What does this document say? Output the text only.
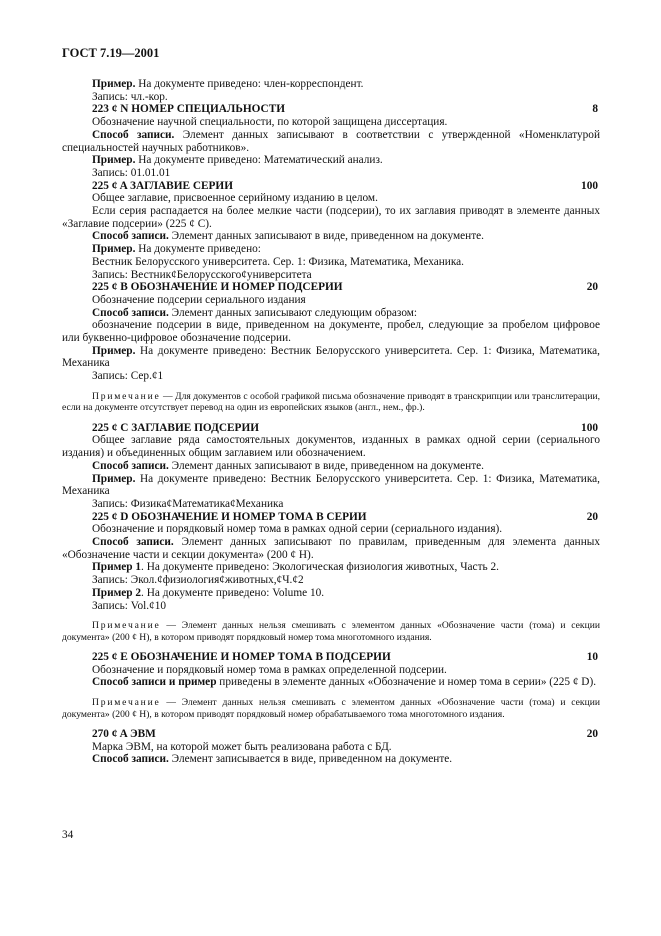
ГОСТ 7.19—2001

Пример. На документе приведено: член-корреспондент.

Запись: чл.-кор.

223 ¢ N НОМЕР СПЕЦИАЛЬНОСТИ	8

Обозначение научной специальности, по которой защищена диссертация.

Способ записи. Элемент данных записывают в соответствии с утвержденной «Номенклатурой специальностей научных работников».

Пример. На документе приведено: Математический анализ.

Запись: 01.01.01

225 ¢ A ЗАГЛАВИЕ СЕРИИ	100

Общее заглавие, присвоенное серийному изданию в целом.

Если серия распадается на более мелкие части (подсерии), то их заглавия приводят в элементе данных «Заглавие подсерии» (225 ¢ C).

Способ записи. Элемент данных записывают в виде, приведенном на документе.

Пример. На документе приведено:

Вестник Белорусского университета. Сер. 1: Физика, Математика, Механика.

Запись: Вестник¢Белорусского¢университета

225 ¢ B ОБОЗНАЧЕНИЕ И НОМЕР ПОДСЕРИИ	20

Обозначение подсерии сериального издания

Способ записи. Элемент данных записывают следующим образом:

обозначение подсерии в виде, приведенном на документе, пробел, следующие за пробелом цифровое или буквенно-цифровое обозначение подсерии.

Пример. На документе приведено: Вестник Белорусского университета. Сер. 1: Физика, Математика, Механика

Запись: Сер.¢1

Примечание — Для документов с особой графикой письма обозначение приводят в транскрипции или транслитерации, если на документе отсутствует перевод на один из европейских языков (англ., нем., фр.).

225 ¢ C ЗАГЛАВИЕ ПОДСЕРИИ	100

Общее заглавие ряда самостоятельных документов, изданных в рамках одной серии (сериального издания) и объединенных общим заглавием или обозначением.

Способ записи. Элемент данных записывают в виде, приведенном на документе.

Пример. На документе приведено: Вестник Белорусского университета. Сер. 1: Физика, Математика, Механика

Запись: Физика¢Математика¢Механика

225 ¢ D ОБОЗНАЧЕНИЕ И НОМЕР ТОМА В СЕРИИ	20

Обозначение и порядковый номер тома в рамках одной серии (сериального издания).

Способ записи. Элемент данных записывают по правилам, приведенным для элемента данных «Обозначение части и секции документа» (200 ¢ H).

Пример 1. На документе приведено: Экологическая физиология животных, Часть 2.

Запись: Экол.¢физиология¢животных,¢Ч.¢2

Пример 2. На документе приведено: Volume 10.

Запись: Vol.¢10

Примечание — Элемент данных нельзя смешивать с элементом данных «Обозначение части (тома) и секции документа» (200 ¢ H), в котором приводят порядковый номер тома многотомного издания.

225 ¢ E ОБОЗНАЧЕНИЕ И НОМЕР ТОМА В ПОДСЕРИИ	10

Обозначение и порядковый номер тома в рамках определенной подсерии.

Способ записи и пример приведены в элементе данных «Обозначение и номер тома в серии» (225 ¢ D).

Примечание — Элемент данных нельзя смешивать с элементом данных «Обозначение части (тома) и секции документа» (200 ¢ H), в котором приводят порядковый номер обрабатываемого тома многотомного издания.

270 ¢ A ЭВМ	20

Марка ЭВМ, на которой может быть реализована работа с БД.

Способ записи. Элемент записывается в виде, приведенном на документе.

34
